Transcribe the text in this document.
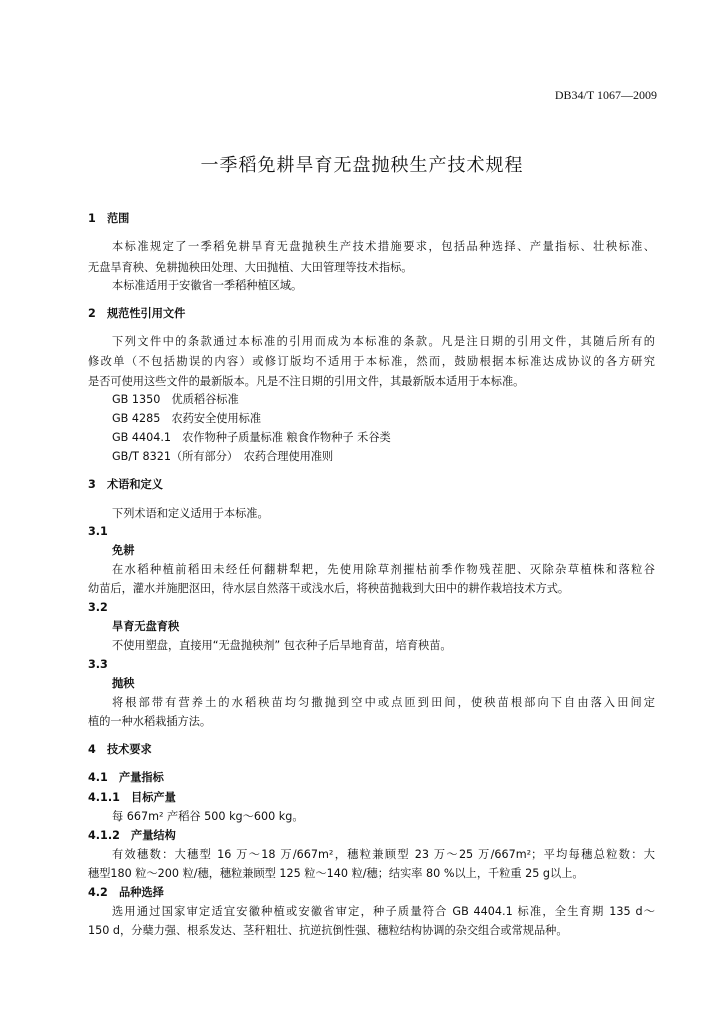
DB34/T 1067—2009
一季稻免耕旱育无盘抛秧生产技术规程
1　范围
本标准规定了一季稻免耕旱育无盘抛秧生产技术措施要求，包括品种选择、产量指标、壮秧标准、
无盘旱育秧、免耕抛秧田处理、大田抛植、大田管理等技术指标。
本标准适用于安徽省一季稻种植区域。
2　规范性引用文件
下列文件中的条款通过本标准的引用而成为本标准的条款。凡是注日期的引用文件，其随后所有的
修改单（不包括勘误的内容）或修订版均不适用于本标准，然而，鼓励根据本标准达成协议的各方研究
是否可使用这些文件的最新版本。凡是不注日期的引用文件，其最新版本适用于本标准。
GB 1350　优质稻谷标准
GB 4285　农药安全使用标准
GB 4404.1　农作物种子质量标准 粮食作物种子 禾谷类
GB/T 8321（所有部分）　农药合理使用准则
3　术语和定义
下列术语和定义适用于本标准。
3.1
免耕
在水稻种植前稻田未经任何翻耕犁耙，先使用除草剂摧枯前季作物残茬肥、灭除杂草植株和落粒谷
幼苗后，灌水并施肥沤田，待水层自然落干或浅水后，将秧苗抛栽到大田中的耕作栽培技术方式。
3.2
旱育无盘育秧
不使用塑盘，直接用“无盘抛秧剂” 包衣种子后旱地育苗，培育秧苗。
3.3
抛秧
将根部带有营养土的水稻秧苗均匀撒抛到空中或点匝到田间，使秧苗根部向下自由落入田间定
植的一种水稻栽插方法。
4　技术要求
4.1　产量指标
4.1.1　目标产量
每 667m² 产稻谷 500 kg～600 kg。
4.1.2　产量结构
有效穗数：大穗型 16 万～18 万/667m²，穗粒兼顾型 23 万～25 万/667m²；平均每穗总粒数：大
穗型180 粒～200 粒/穗，穗粒兼顾型 125 粒～140 粒/穗；结实率 80 %以上，千粒重 25 g以上。
4.2　品种选择
选用通过国家审定适宜安徽种植或安徽省审定，种子质量符合 GB 4404.1 标准，全生育期 135 d～
150 d，分蘖力强、根系发达、茎秆粗壮、抗逆抗倒性强、穗粒结构协调的杂交组合或常规品种。
